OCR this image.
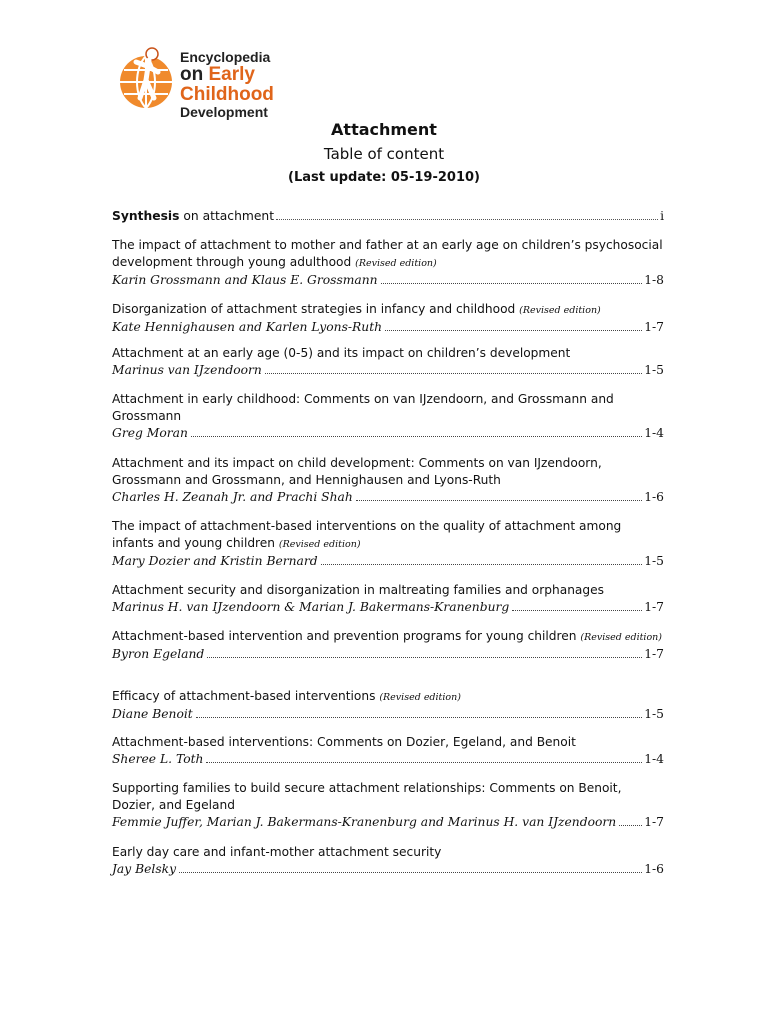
Encyclopedia
on Early Childhood
Development
Attachment
Table of content
(Last update: 05-19-2010)
Synthesis on attachment	i
The impact of attachment to mother and father at an early age on children’s psychosocial development through young adulthood (Revised edition)
Karin Grossmann and Klaus E. Grossmann	1-8
Disorganization of attachment strategies in infancy and childhood (Revised edition)
Kate Hennighausen and Karlen Lyons-Ruth	1-7
Attachment at an early age (0-5) and its impact on children’s development
Marinus van IJzendoorn	1-5
Attachment in early childhood: Comments on van IJzendoorn, and Grossmann and Grossmann
Greg Moran	1-4
Attachment and its impact on child development: Comments on van IJzendoorn, Grossmann and Grossmann, and Hennighausen and Lyons-Ruth
Charles H. Zeanah Jr. and Prachi Shah	1-6
The impact of attachment-based interventions on the quality of attachment among infants and young children (Revised edition)
Mary Dozier and Kristin Bernard	1-5
Attachment security and disorganization in maltreating families and orphanages
Marinus H. van IJzendoorn & Marian J. Bakermans-Kranenburg	1-7
Attachment-based intervention and prevention programs for young children (Revised edition)
Byron Egeland	1-7
Efficacy of attachment-based interventions (Revised edition)
Diane Benoit	1-5
Attachment-based interventions: Comments on Dozier, Egeland, and Benoit
Sheree L. Toth	1-4
Supporting families to build secure attachment relationships: Comments on Benoit, Dozier, and Egeland
Femmie Juffer, Marian J. Bakermans-Kranenburg and Marinus H. van IJzendoorn 1-7
Early day care and infant-mother attachment security
Jay Belsky	1-6
